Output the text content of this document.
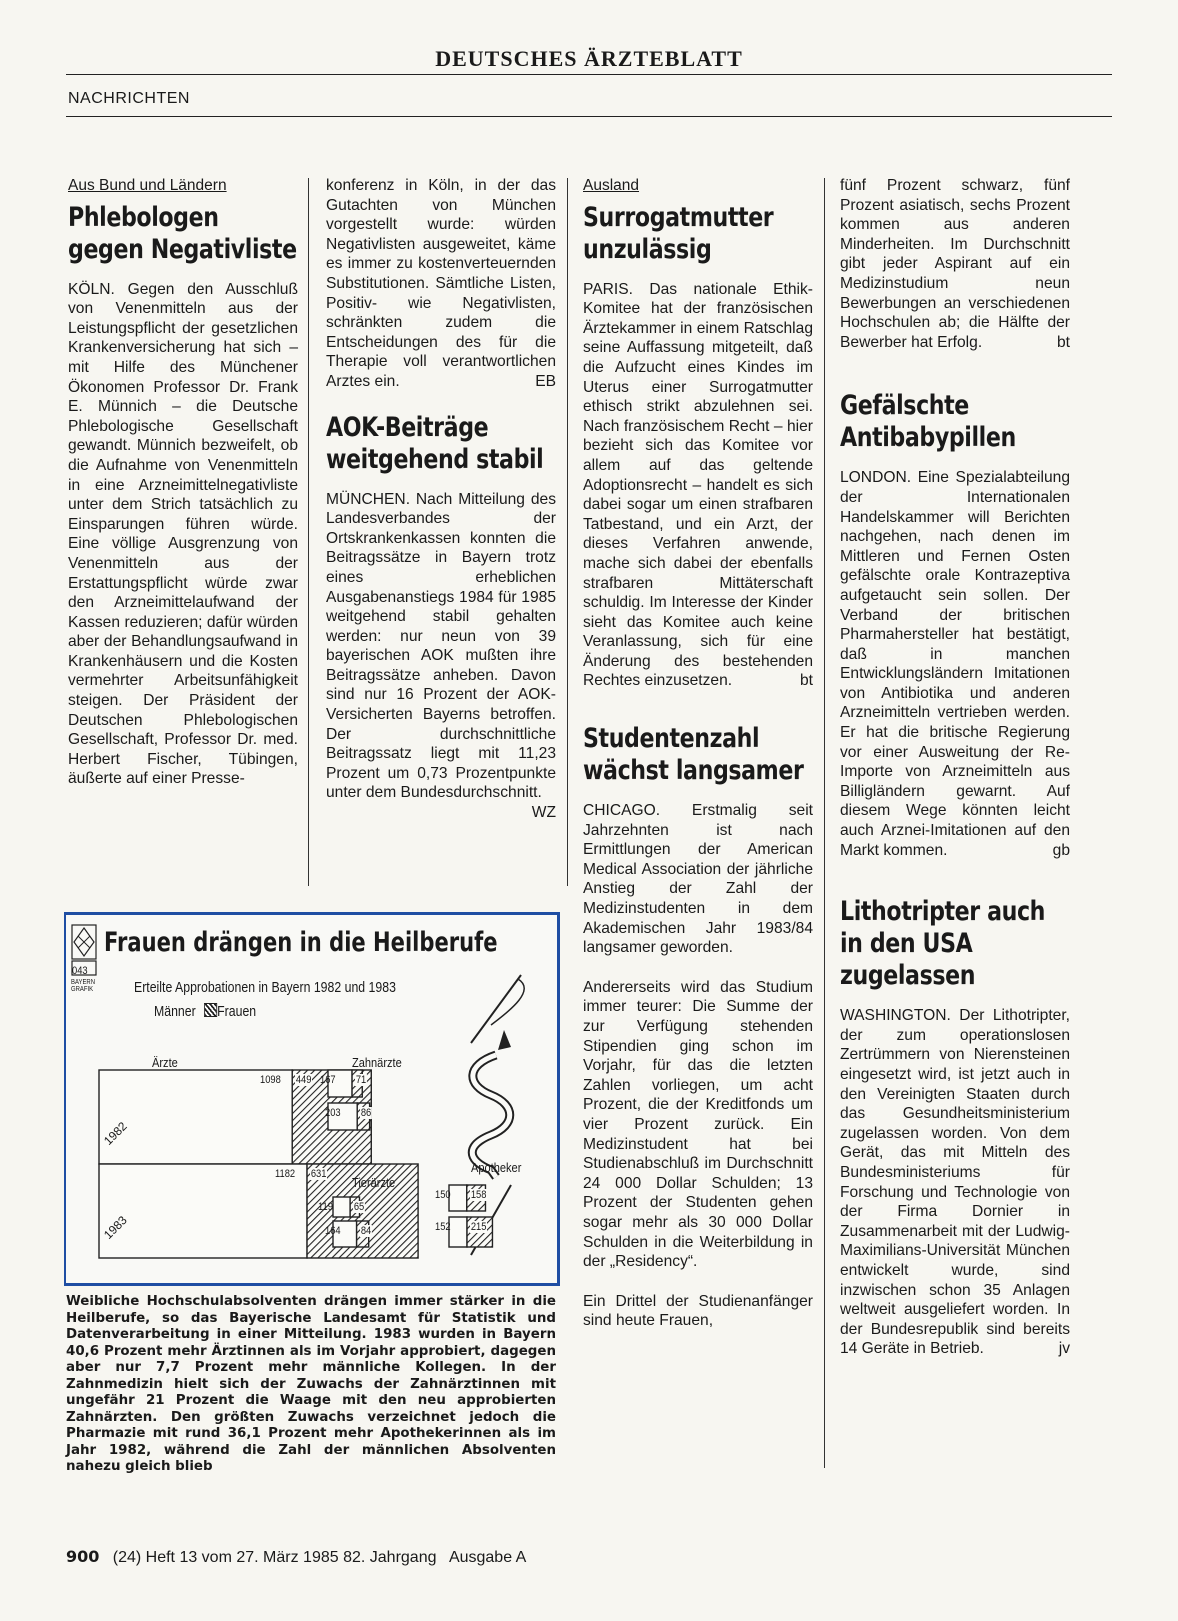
DEUTSCHES ÄRZTEBLATT
NACHRICHTEN
Aus Bund und Ländern
Phlebologen gegen Negativliste

KÖLN. Gegen den Ausschluß von Venenmitteln aus der Leistungspflicht der gesetzlichen Krankenversicherung hat sich – mit Hilfe des Münchener Ökonomen Professor Dr. Frank E. Münnich – die Deutsche Phlebologische Gesellschaft gewandt. Münnich bezweifelt, ob die Aufnahme von Venenmitteln in eine Arzneimittelnegativliste unter dem Strich tatsächlich zu Einsparungen führen würde. Eine völlige Ausgrenzung von Venenmitteln aus der Erstattungspflicht würde zwar den Arzneimittelaufwand der Kassen reduzieren; dafür würden aber der Behandlungsaufwand in Krankenhäusern und die Kosten vermehrter Arbeitsunfähigkeit steigen. Der Präsident der Deutschen Phlebologischen Gesellschaft, Professor Dr. med. Herbert Fischer, Tübingen, äußerte auf einer Presse-

konferenz in Köln, in der das Gutachten von München vorgestellt wurde: würden Negativlisten ausgeweitet, käme es immer zu kostenverteuernden Substitutionen. Sämtliche Listen, Positiv- wie Negativlisten, schränkten zudem die Entscheidungen des für die Therapie voll verantwortlichen Arztes ein.	EB

AOK-Beiträge weitgehend stabil

MÜNCHEN. Nach Mitteilung des Landesverbandes der Ortskrankenkassen konnten die Beitragssätze in Bayern trotz eines erheblichen Ausgabenanstiegs 1984 für 1985 weitgehend stabil gehalten werden: nur neun von 39 bayerischen AOK mußten ihre Beitragssätze anheben. Davon sind nur 16 Prozent der AOK-Versicherten Bayerns betroffen. Der durchschnittliche Beitragssatz liegt mit 11,23 Prozent um 0,73 Prozentpunkte unter dem Bundesdurchschnitt.
WZ

Ausland
Surrogatmutter unzulässig

PARIS. Das nationale Ethik-Komitee hat der französischen Ärztekammer in einem Ratschlag seine Auffassung mitgeteilt, daß die Aufzucht eines Kindes im Uterus einer Surrogatmutter ethisch strikt abzulehnen sei. Nach französischem Recht – hier bezieht sich das Komitee vor allem auf das geltende Adoptionsrecht – handelt es sich dabei sogar um einen strafbaren Tatbestand, und ein Arzt, der dieses Verfahren anwende, mache sich dabei der ebenfalls strafbaren Mittäterschaft schuldig. Im Interesse der Kinder sieht das Komitee auch keine Veranlassung, sich für eine Änderung des bestehenden Rechtes einzusetzen.	bt

Studentenzahl wächst langsamer

CHICAGO. Erstmalig seit Jahrzehnten ist nach Ermittlungen der American Medical Association der jährliche Anstieg der Zahl der Medizinstudenten in dem Akademischen Jahr 1983/84 langsamer geworden.

Andererseits wird das Studium immer teurer: Die Summe der zur Verfügung stehenden Stipendien ging schon im Vorjahr, für das die letzten Zahlen vorliegen, um acht Prozent, die der Kreditfonds um vier Prozent zurück. Ein Medizinstudent hat bei Studienabschluß im Durchschnitt 24 000 Dollar Schulden; 13 Prozent der Studenten gehen sogar mehr als 30 000 Dollar Schulden in die Weiterbildung in der „Residency“.

Ein Drittel der Studienanfänger sind heute Frauen,

fünf Prozent schwarz, fünf Prozent asiatisch, sechs Prozent kommen aus anderen Minderheiten. Im Durchschnitt gibt jeder Aspirant auf ein Medizinstudium neun Bewerbungen an verschiedenen Hochschulen ab; die Hälfte der Bewerber hat Erfolg.	bt

Gefälschte Antibabypillen

LONDON. Eine Spezialabteilung der Internationalen Handelskammer will Berichten nachgehen, nach denen im Mittleren und Fernen Osten gefälschte orale Kontrazeptiva aufgetaucht sein sollen. Der Verband der britischen Pharmahersteller hat bestätigt, daß in manchen Entwicklungsländern Imitationen von Antibiotika und anderen Arzneimitteln vertrieben werden. Er hat die britische Regierung vor einer Ausweitung der Re-Importe von Arzneimitteln aus Billigländern gewarnt. Auf diesem Wege könnten leicht auch Arznei-Imitationen auf den Markt kommen.	gb

Lithotripter auch in den USA zugelassen

WASHINGTON. Der Lithotripter, der zum operationslosen Zertrümmern von Nierensteinen eingesetzt wird, ist jetzt auch in den Vereinigten Staaten durch das Gesundheitsministerium zugelassen worden. Von dem Gerät, das mit Mitteln des Bundesministeriums für Forschung und Technologie von der Firma Dornier in Zusammenarbeit mit der Ludwig-Maximilians-Universität München entwickelt wurde, sind inzwischen schon 35 Anlagen weltweit ausgeliefert worden. In der Bundesrepublik sind bereits 14 Geräte in Betrieb.	jv

Frauen drängen in die Heilberufe
043
BAYERN GRAFIK	Erteilte Approbationen in Bayern 1982 und 1983
Männer Frauen
Ärzte
1098 449
1982
1182 631
1983
Zahnärzte
167 71
203 86
Tierärzte
119 65
164 84
Apotheker
150 158
152 215
Weibliche Hochschulabsolventen drängen immer stärker in die Heilberufe, so das Bayerische Landesamt für Statistik und Datenverarbeitung in einer Mitteilung. 1983 wurden in Bayern 40,6 Prozent mehr Ärztinnen als im Vorjahr approbiert, dagegen aber nur 7,7 Prozent mehr männliche Kollegen. In der Zahnmedizin hielt sich der Zuwachs der Zahnärztinnen mit ungefähr 21 Prozent die Waage mit den neu approbierten Zahnärzten. Den größten Zuwachs verzeichnet jedoch die Pharmazie mit rund 36,1 Prozent mehr Apothekerinnen als im Jahr 1982, während die Zahl der männlichen Absolventen nahezu gleich blieb
900 (24) Heft 13 vom 27. März 1985 82. Jahrgang Ausgabe A
